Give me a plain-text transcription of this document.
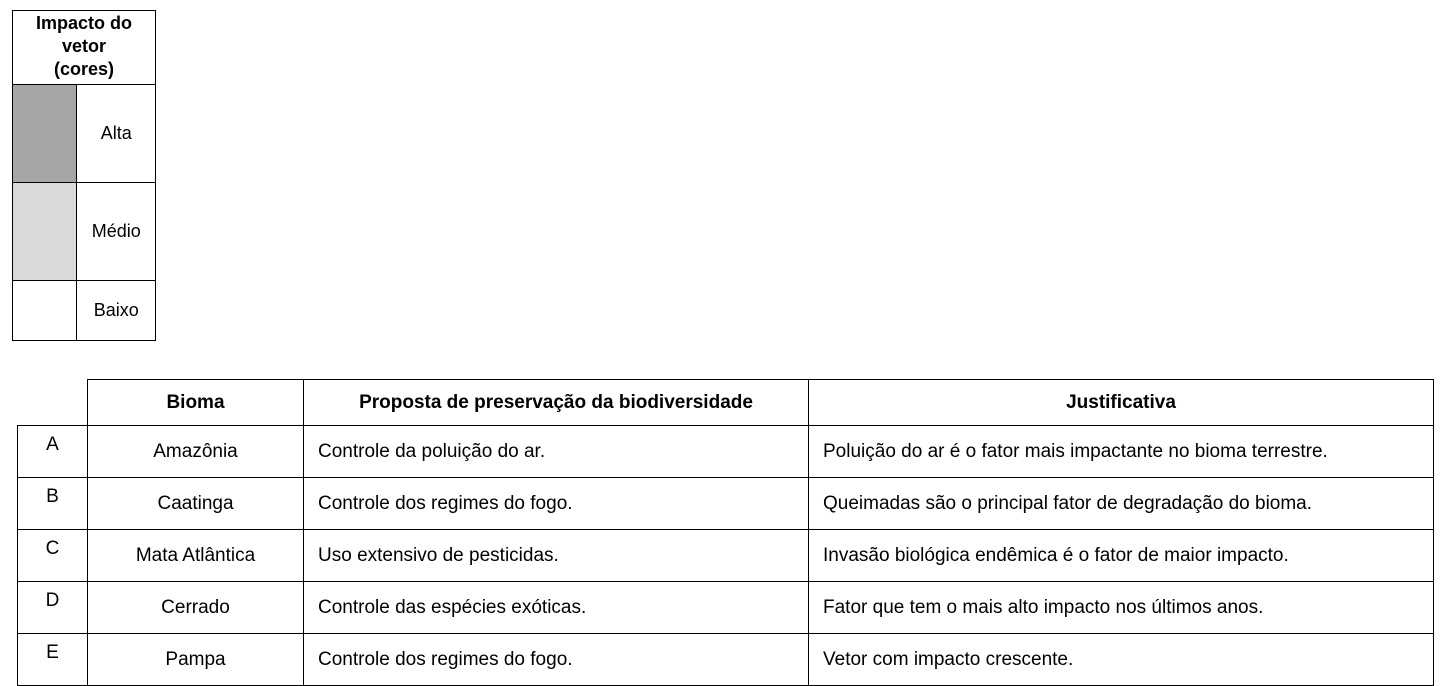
Impacto do
vetor
(cores)	
	Alta
	Médio
	Baixo
	Bioma	Proposta de preservação da biodiversidade	Justificativa
A	Amazônia	Controle da poluição do ar.	Poluição do ar é o fator mais impactante no bioma terrestre.
B	Caatinga	Controle dos regimes do fogo.	Queimadas são o principal fator de degradação do bioma.
C	Mata Atlântica	Uso extensivo de pesticidas.	Invasão biológica endêmica é o fator de maior impacto.
D	Cerrado	Controle das espécies exóticas.	Fator que tem o mais alto impacto nos últimos anos.
E	Pampa	Controle dos regimes do fogo.	Vetor com impacto crescente.
